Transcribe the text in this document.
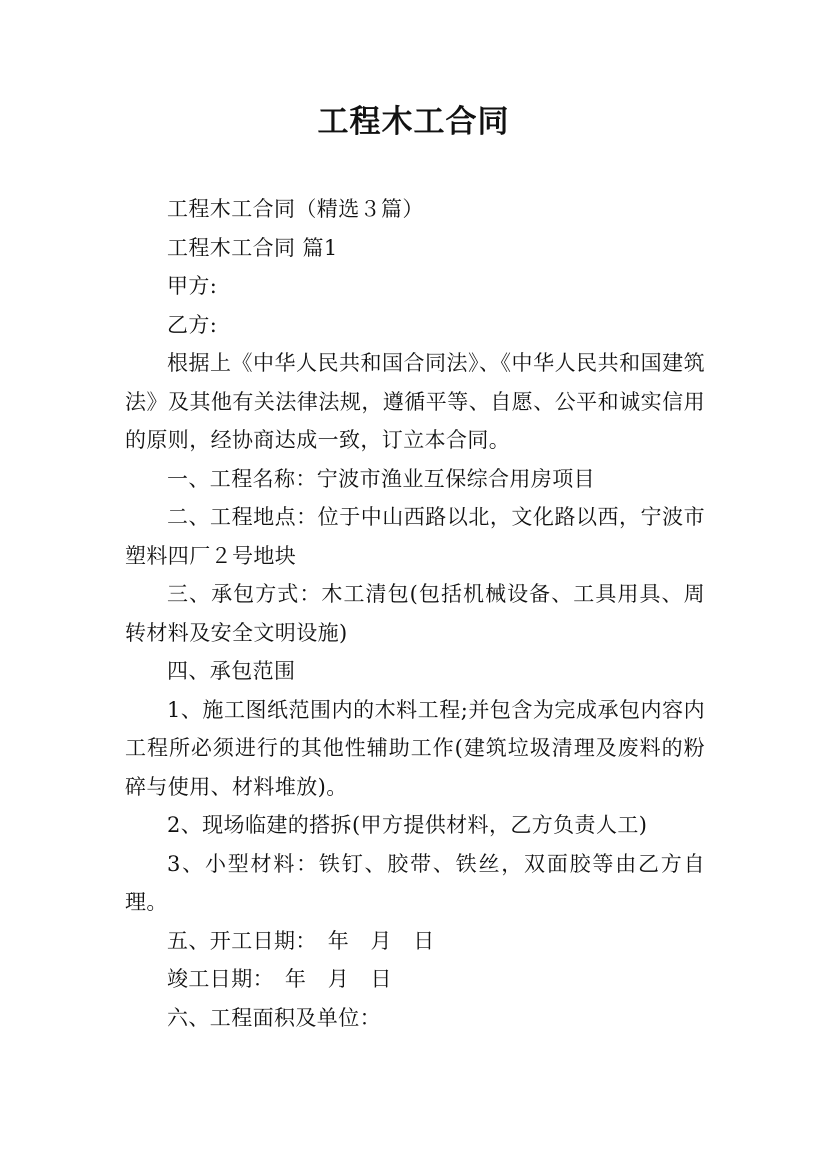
工程木工合同

工程木工合同（精选３篇）

工程木工合同 篇1

甲方:

乙方:

根据上《中华人民共和国合同法》、《中华人民共和国建筑法》及其他有关法律法规，遵循平等、自愿、公平和诚实信用的原则，经协商达成一致，订立本合同。

一、工程名称：宁波市渔业互保综合用房项目

二、工程地点：位于中山西路以北，文化路以西，宁波市塑料四厂２号地块

三、承包方式：木工清包(包括机械设备、工具用具、周转材料及安全文明设施)

四、承包范围

1、施工图纸范围内的木料工程;并包含为完成承包内容内工程所必须进行的其他性辅助工作(建筑垃圾清理及废料的粉碎与使用、材料堆放)。

2、现场临建的搭拆(甲方提供材料，乙方负责人工)

3、小型材料：铁钉、胶带、铁丝，双面胶等由乙方自理。

五、开工日期：　年　月　日

竣工日期：　年　月　日

六、工程面积及单位：
